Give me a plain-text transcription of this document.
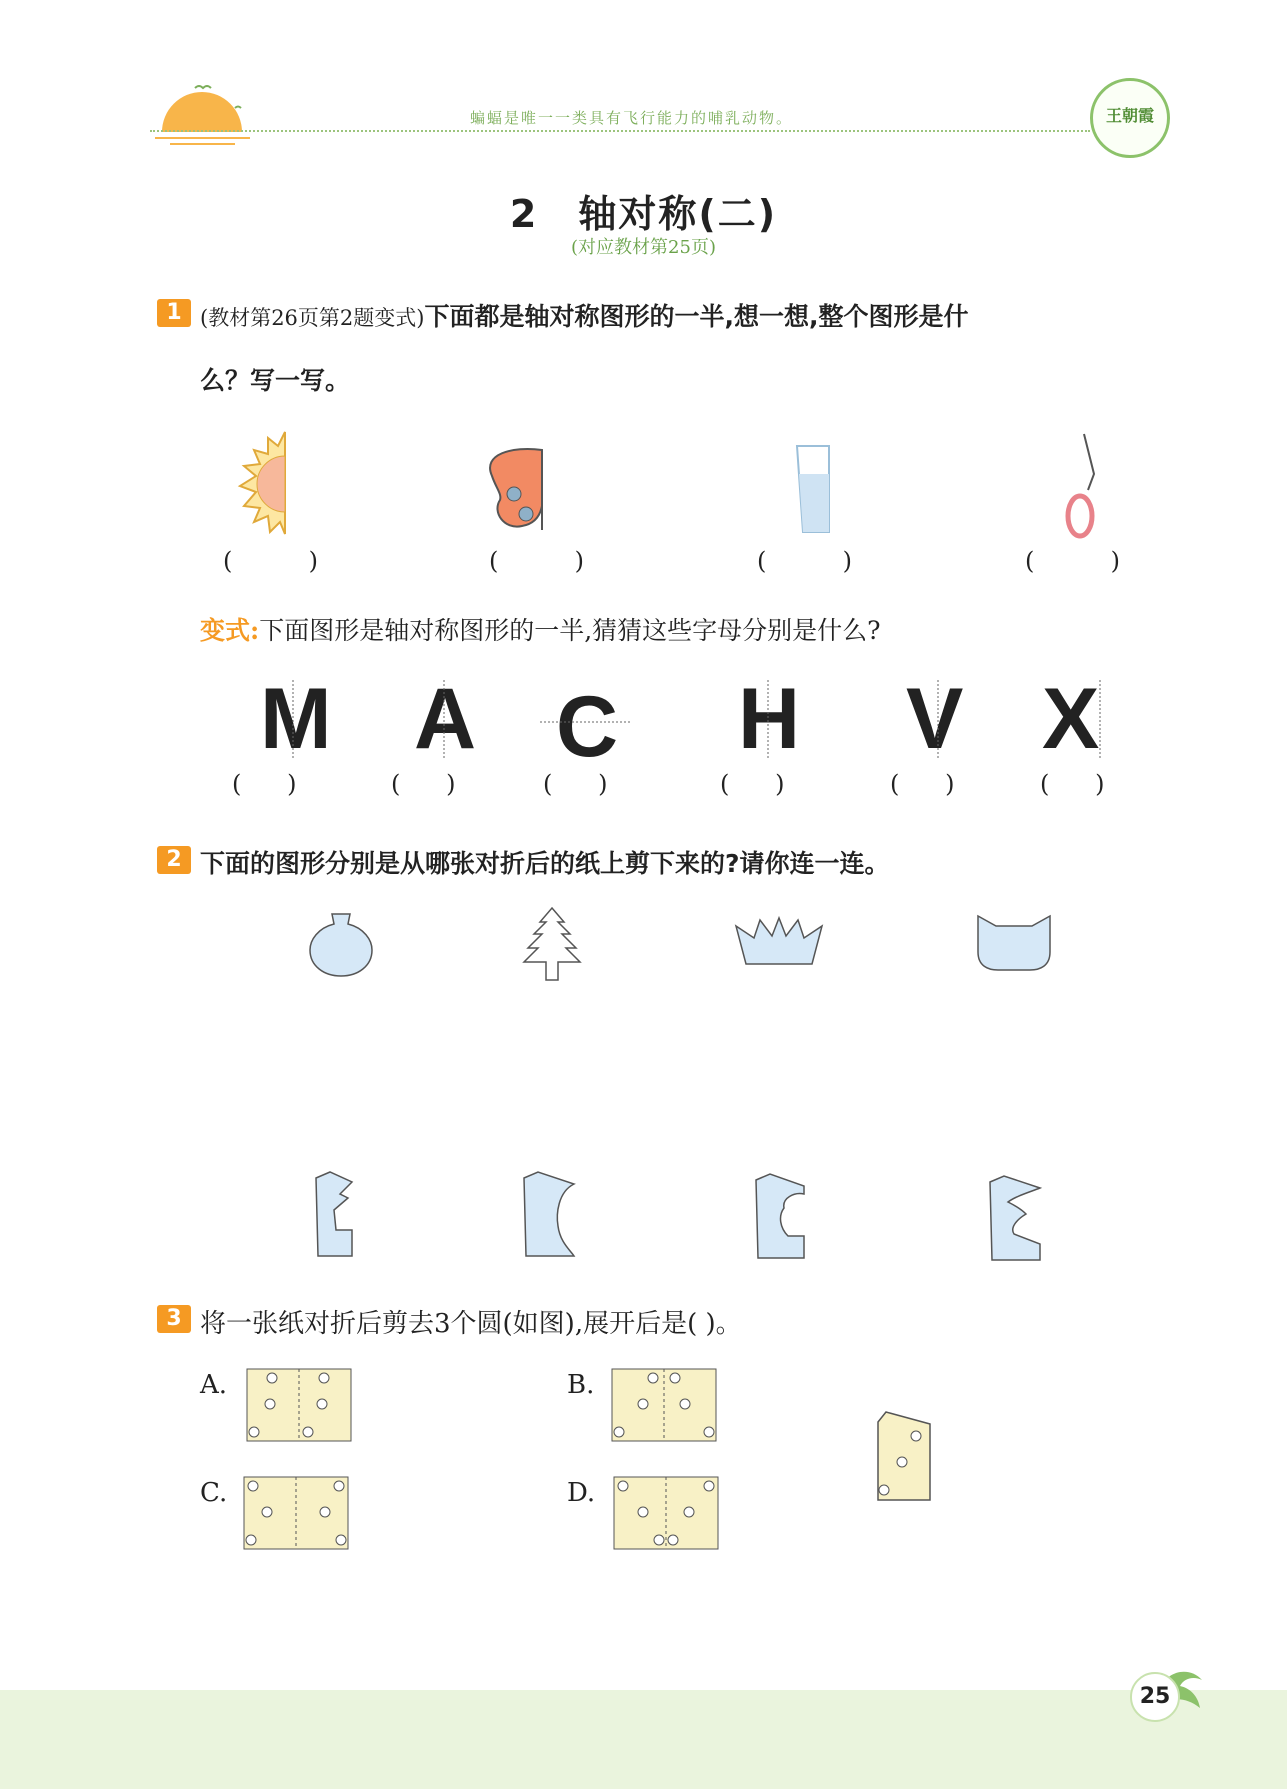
蝙蝠是唯一一类具有飞行能力的哺乳动物。	王朝霞
2　轴对称(二)
(对应教材第25页)
1 (教材第26页第2题变式)下面都是轴对称图形的一半,想一想,整个图形是什
么？写一写。
(          )	(          )	(          )	(          )
变式:下面图形是轴对称图形的一半,猜猜这些字母分别是什么?
M A C H V X
(      )	(      )	(      )	(      )	(      )	(      )
2 下面的图形分别是从哪张对折后的纸上剪下来的?请你连一连。
3 将一张纸对折后剪去3个圆(如图),展开后是( )。
A.	B.
C.	D.
25
